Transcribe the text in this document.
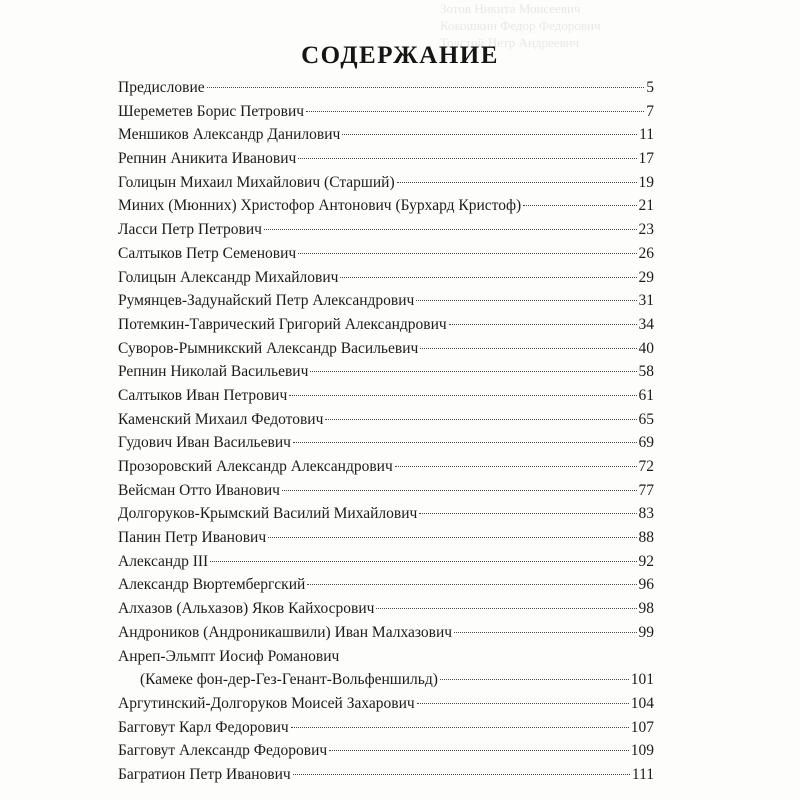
Зотов Никита Моисеевич
Кокошкин Федор Федорович
Толстой Петр Андреевич
СОДЕРЖАНИЕ
Предисловие	5
Шереметев Борис Петрович	7
Меншиков Александр Данилович	11
Репнин Аникита Иванович	17
Голицын Михаил Михайлович (Старший)	19
Миних (Мюнних) Христофор Антонович (Бурхард Кристоф)	21
Ласси Петр Петрович	23
Салтыков Петр Семенович	26
Голицын Александр Михайлович	29
Румянцев-Задунайский Петр Александрович	31
Потемкин-Таврический Григорий Александрович	34
Суворов-Рымникский Александр Васильевич	40
Репнин Николай Васильевич	58
Салтыков Иван Петрович	61
Каменский Михаил Федотович	65
Гудович Иван Васильевич	69
Прозоровский Александр Александрович	72
Вейсман Отто Иванович	77
Долгоруков-Крымский Василий Михайлович	83
Панин Петр Иванович	88
Александр III	92
Александр Вюртембергский	96
Алхазов (Альхазов) Яков Кайхосрович	98
Андроников (Андроникашвили) Иван Малхазович	99
Анреп-Эльмпт Иосиф Романович
(Камеке фон-дер-Гез-Генант-Вольфеншильд)	101
Аргутинский-Долгоруков Моисей Захарович	104
Багговут Карл Федорович	107
Багговут Александр Федорович	109
Багратион Петр Иванович	111
